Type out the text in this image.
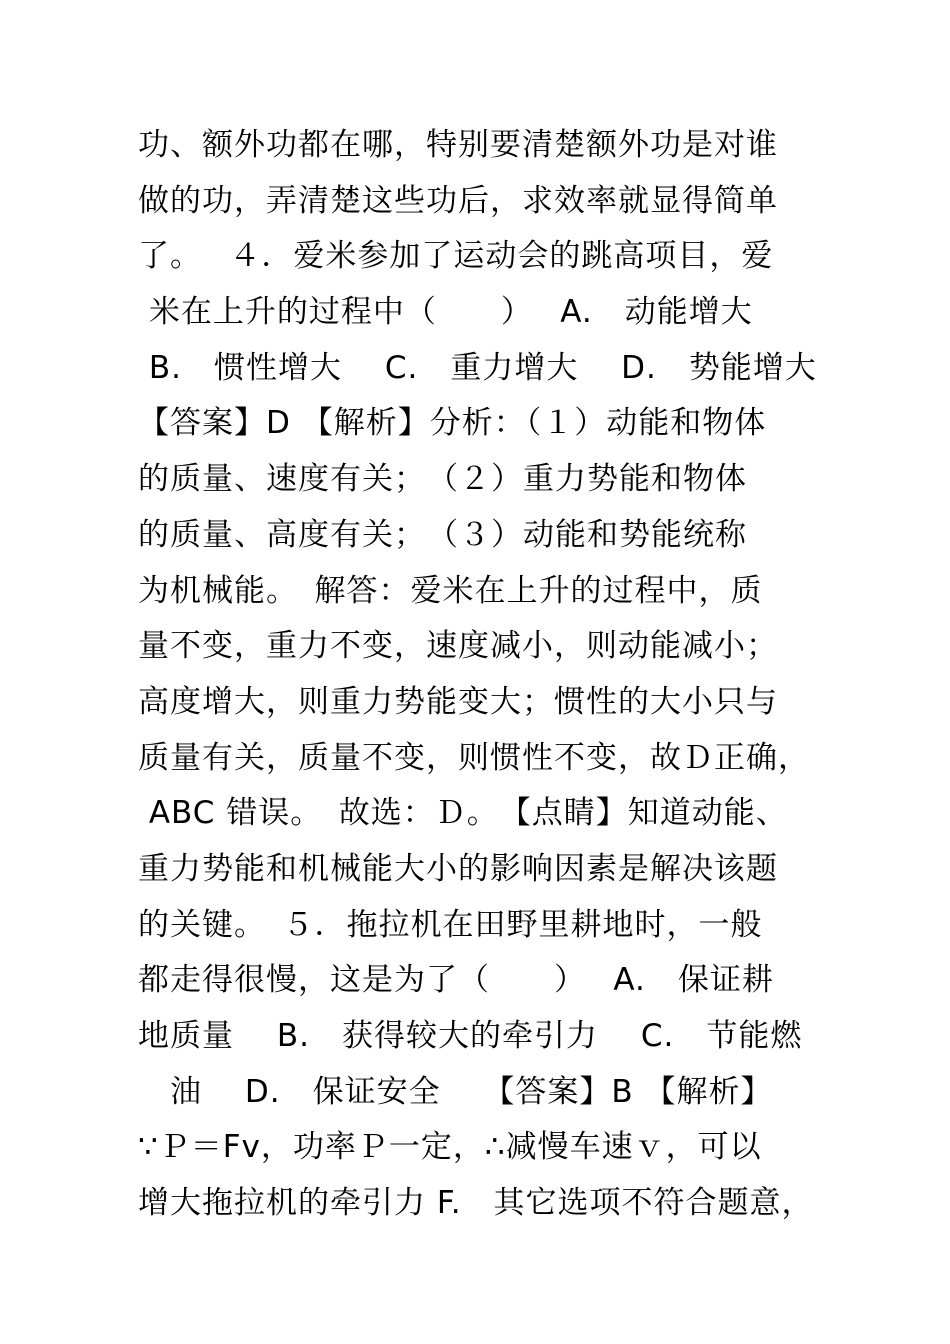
功、额外功都在哪，特别要清楚额外功是对谁
做的功，弄清楚这些功后，求效率就显得简单
了。　 ４．爱米参加了运动会的跳高项目，爱
米在上升的过程中（　　）　 A.　动能增大
B.　惯性增大　 C.　重力增大　 D.　势能增大
【答案】D 【解析】分析：（１）动能和物体
的质量、速度有关；　（２）重力势能和物体
的质量、高度有关；　（３）动能和势能统称
为机械能。　解答：爱米在上升的过程中，质
量不变，重力不变，速度减小，则动能减小；
高度增大，则重力势能变大；惯性的大小只与
质量有关，质量不变，则惯性不变，故Ｄ正确，
ABC 错误。　故选：Ｄ。　【点睛】知道动能、
重力势能和机械能大小的影响因素是解决该题
的关键。　５．拖拉机在田野里耕地时，一般
都走得很慢，这是为了（　　）　 A.　保证耕
地质量　 B.　获得较大的牵引力　 C.　节能燃
　油　 D.　保证安全　 【答案】B 【解析】
∵Ｐ＝Fv，功率Ｐ一定，∴减慢车速ｖ，可以
增大拖拉机的牵引力 F.　其它选项不符合题意，
